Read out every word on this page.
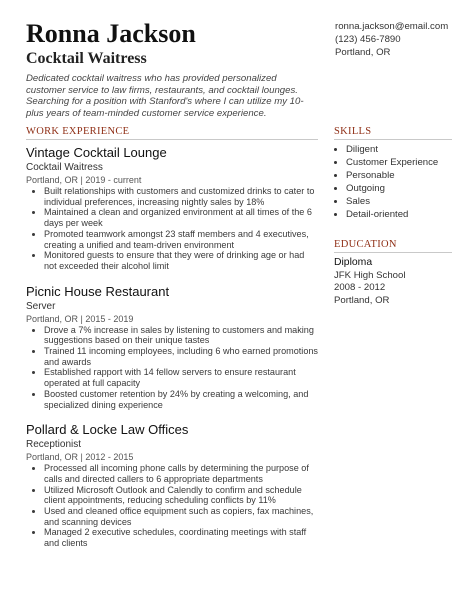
Ronna Jackson
Cocktail Waitress
Dedicated cocktail waitress who has provided personalized customer service to law firms, restaurants, and cocktail lounges. Searching for a position with Stanford's where I can utilize my 10-plus years of team-minded customer service experience.
ronna.jackson@email.com
(123) 456-7890
Portland, OR
WORK EXPERIENCE
Vintage Cocktail Lounge
Cocktail Waitress
Portland, OR | 2019 - current
• Built relationships with customers and customized drinks to cater to individual preferences, increasing nightly sales by 18%
• Maintained a clean and organized environment at all times of the 6 days per week
• Promoted teamwork amongst 23 staff members and 4 executives, creating a unified and team-driven environment
• Monitored guests to ensure that they were of drinking age or had not exceeded their alcohol limit
Picnic House Restaurant
Server
Portland, OR | 2015 - 2019
• Drove a 7% increase in sales by listening to customers and making suggestions based on their unique tastes
• Trained 11 incoming employees, including 6 who earned promotions and awards
• Established rapport with 14 fellow servers to ensure restaurant operated at full capacity
• Boosted customer retention by 24% by creating a welcoming, and specialized dining experience
Pollard & Locke Law Offices
Receptionist
Portland, OR | 2012 - 2015
• Processed all incoming phone calls by determining the purpose of calls and directed callers to 6 appropriate departments
• Utilized Microsoft Outlook and Calendly to confirm and schedule client appointments, reducing scheduling conflicts by 11%
• Used and cleaned office equipment such as copiers, fax machines, and scanning devices
• Managed 2 executive schedules, coordinating meetings with staff and clients
SKILLS
• Diligent
• Customer Experience
• Personable
• Outgoing
• Sales
• Detail-oriented
EDUCATION
Diploma
JFK High School
2008 - 2012
Portland, OR
